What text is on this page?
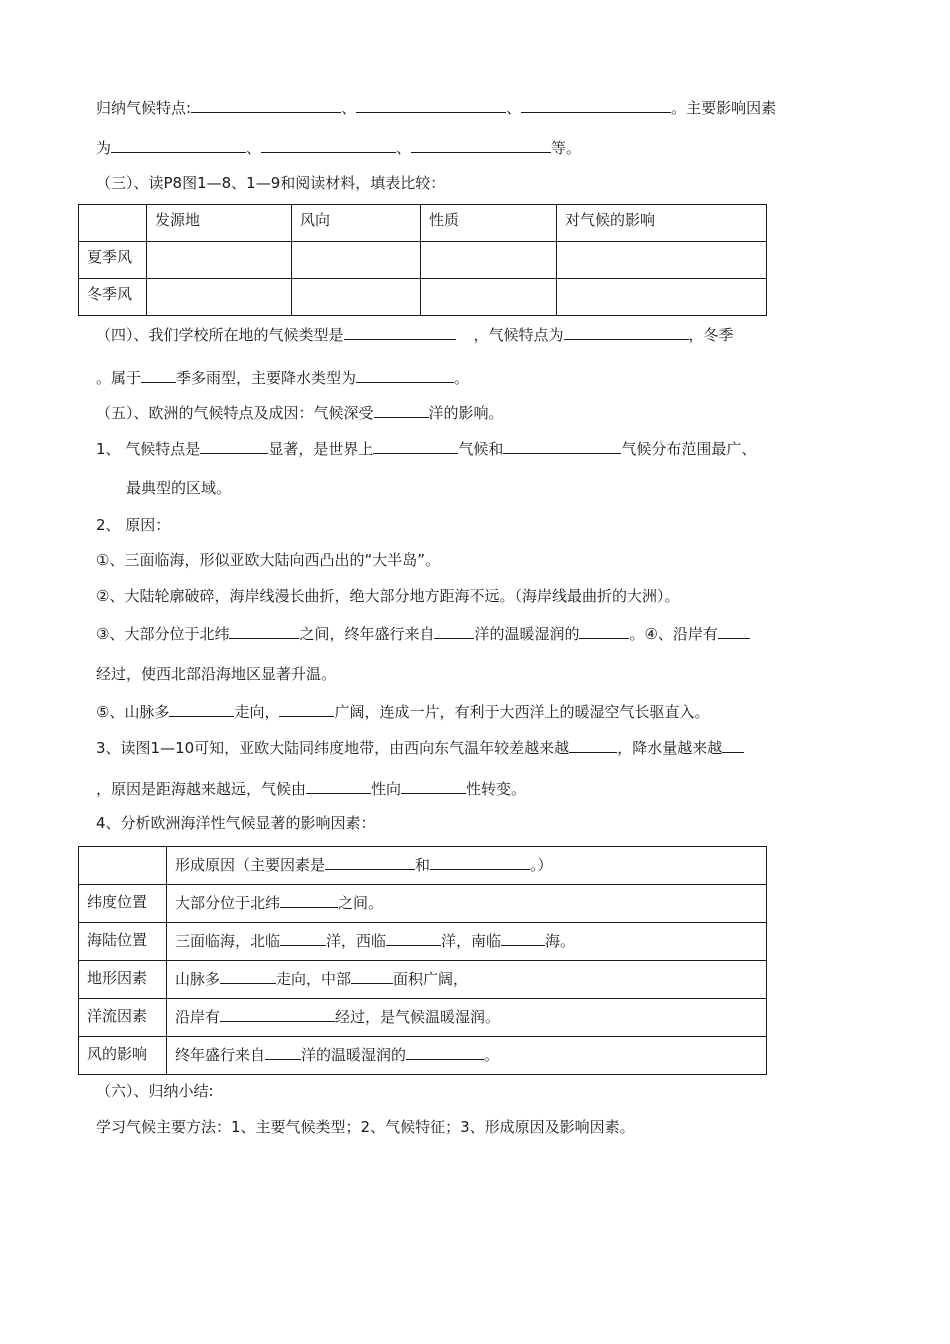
归纳气候特点:	、	、	。主要影响因素
为	、	、	等。
（三）、读P8图1—8、1—9和阅读材料，填表比较：
	发源地	风向	性质	对气候的影响
夏季风				
冬季风				
（四）、我们学校所在地的气候类型是	，气候特点为	，冬季
。属于 季多雨型，主要降水类型为	。
（五）、欧洲的气候特点及成因：气候深受	洋的影响。
1、 气候特点是	显著，是世界上	气候和	气候分布范围最广、
最典型的区域。
2、 原因：
①、三面临海，形似亚欧大陆向西凸出的“大半岛”。
②、大陆轮廓破碎，海岸线漫长曲折，绝大部分地方距海不远。（海岸线最曲折的大洲）。
③、大部分位于北纬	之间，终年盛行来自	洋的温暖湿润的	。④、沿岸有
经过，使西北部沿海地区显著升温。
⑤、山脉多	走向，	广阔，连成一片，有利于大西洋上的暖湿空气长驱直入。
3、读图1—10可知，亚欧大陆同纬度地带，由西向东气温年较差越来越	，降水量越来越
，原因是距海越来越远，气候由	性向	性转变。
4、分析欧洲海洋性气候显著的影响因素：
	形成原因（主要因素是 和 。）
纬度位置	大部分位于北纬 之间。
海陆位置	三面临海，北临 洋，西临 洋，南临 海。
地形因素	山脉多 走向，中部 面积广阔，
洋流因素	沿岸有 经过，是气候温暖湿润。
风的影响	终年盛行来自 洋的温暖湿润的 。
（六）、归纳小结:
学习气候主要方法：1、主要气候类型；2、气候特征；3、形成原因及影响因素。
